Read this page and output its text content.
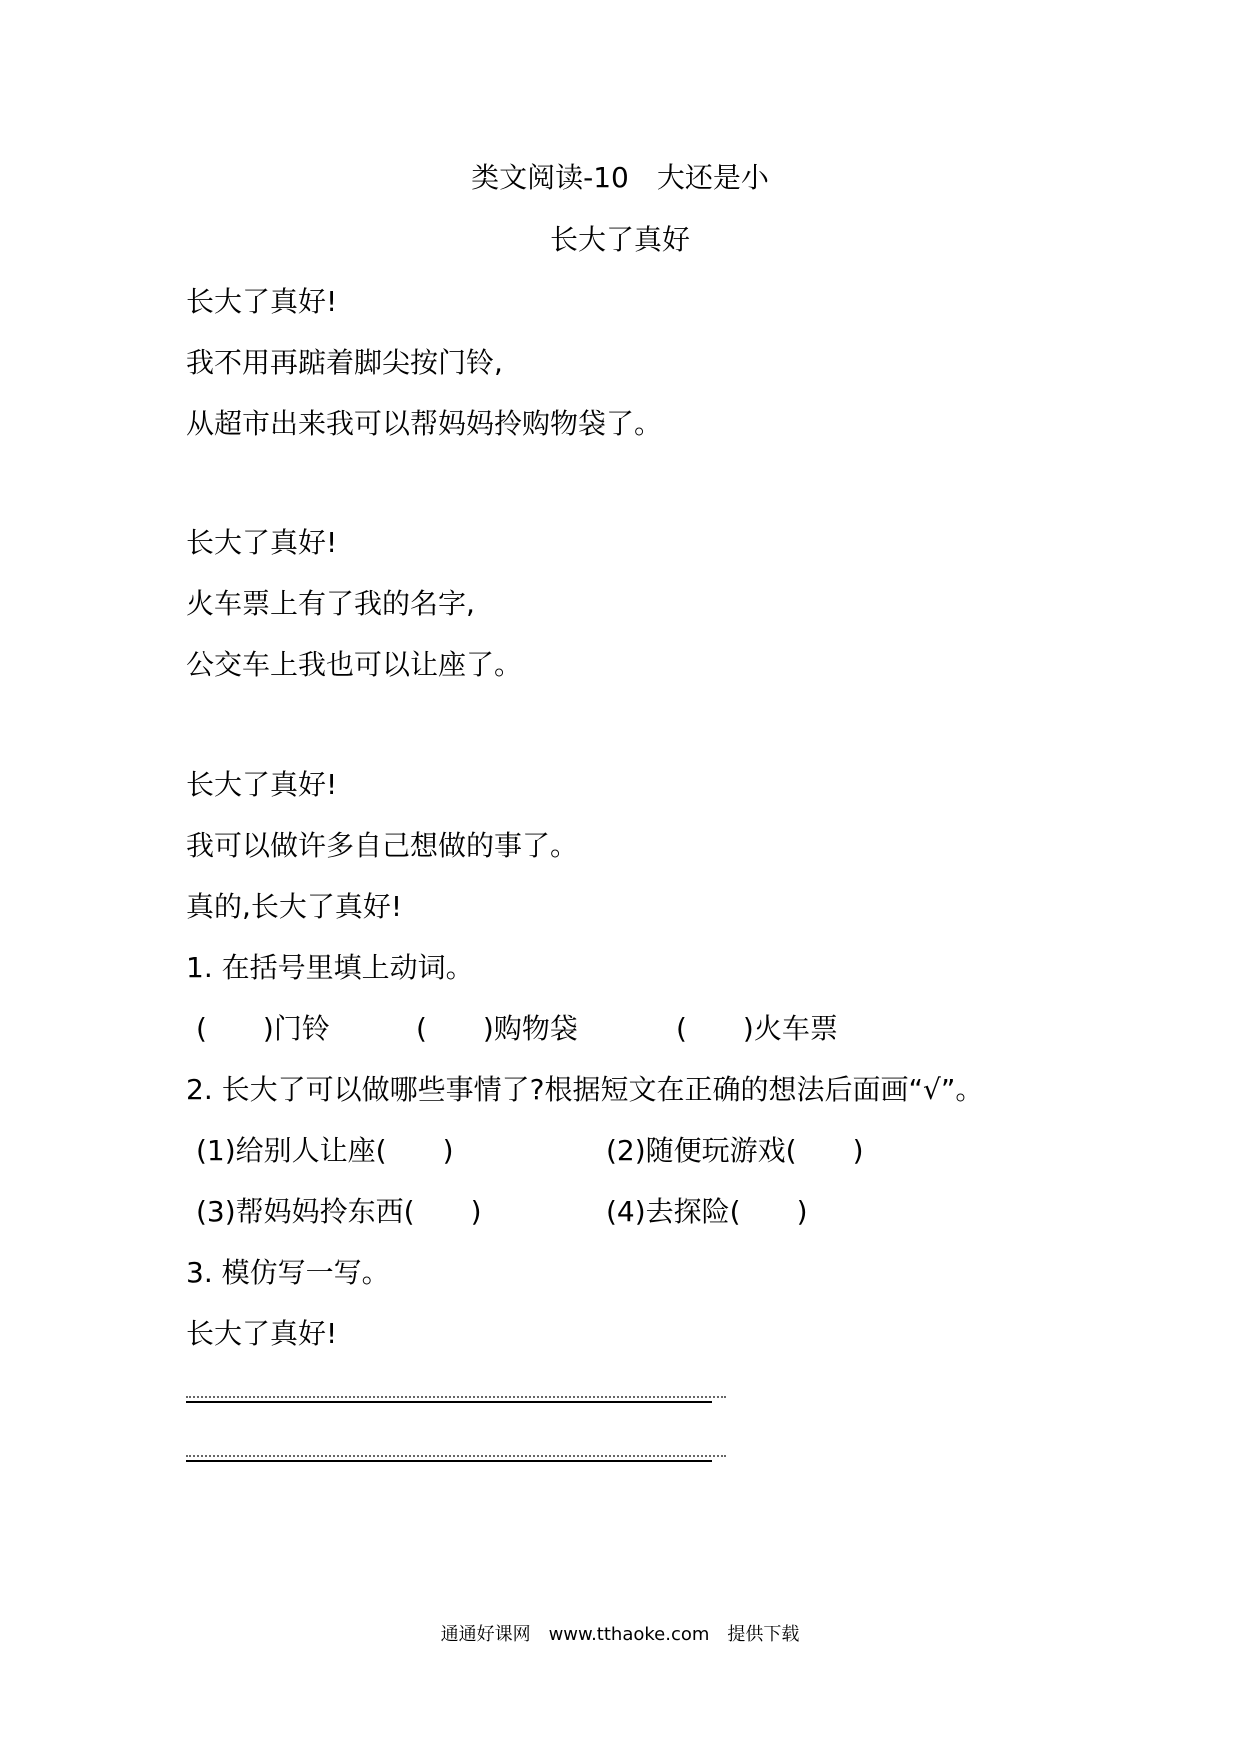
类文阅读-10　大还是小
长大了真好
长大了真好!
我不用再踮着脚尖按门铃,
从超市出来我可以帮妈妈拎购物袋了。
长大了真好!
火车票上有了我的名字,
公交车上我也可以让座了。
长大了真好!
我可以做许多自己想做的事了。
真的,长大了真好!
1. 在括号里填上动词。
(　　)门铃	(　　)购物袋	(　　)火车票
2. 长大了可以做哪些事情了?根据短文在正确的想法后面画“√”。
(1)给别人让座(　　)	(2)随便玩游戏(　　)
(3)帮妈妈拎东西(　　)	(4)去探险(　　)
3. 模仿写一写。
长大了真好!
通通好课网　www.tthaoke.com　提供下载
